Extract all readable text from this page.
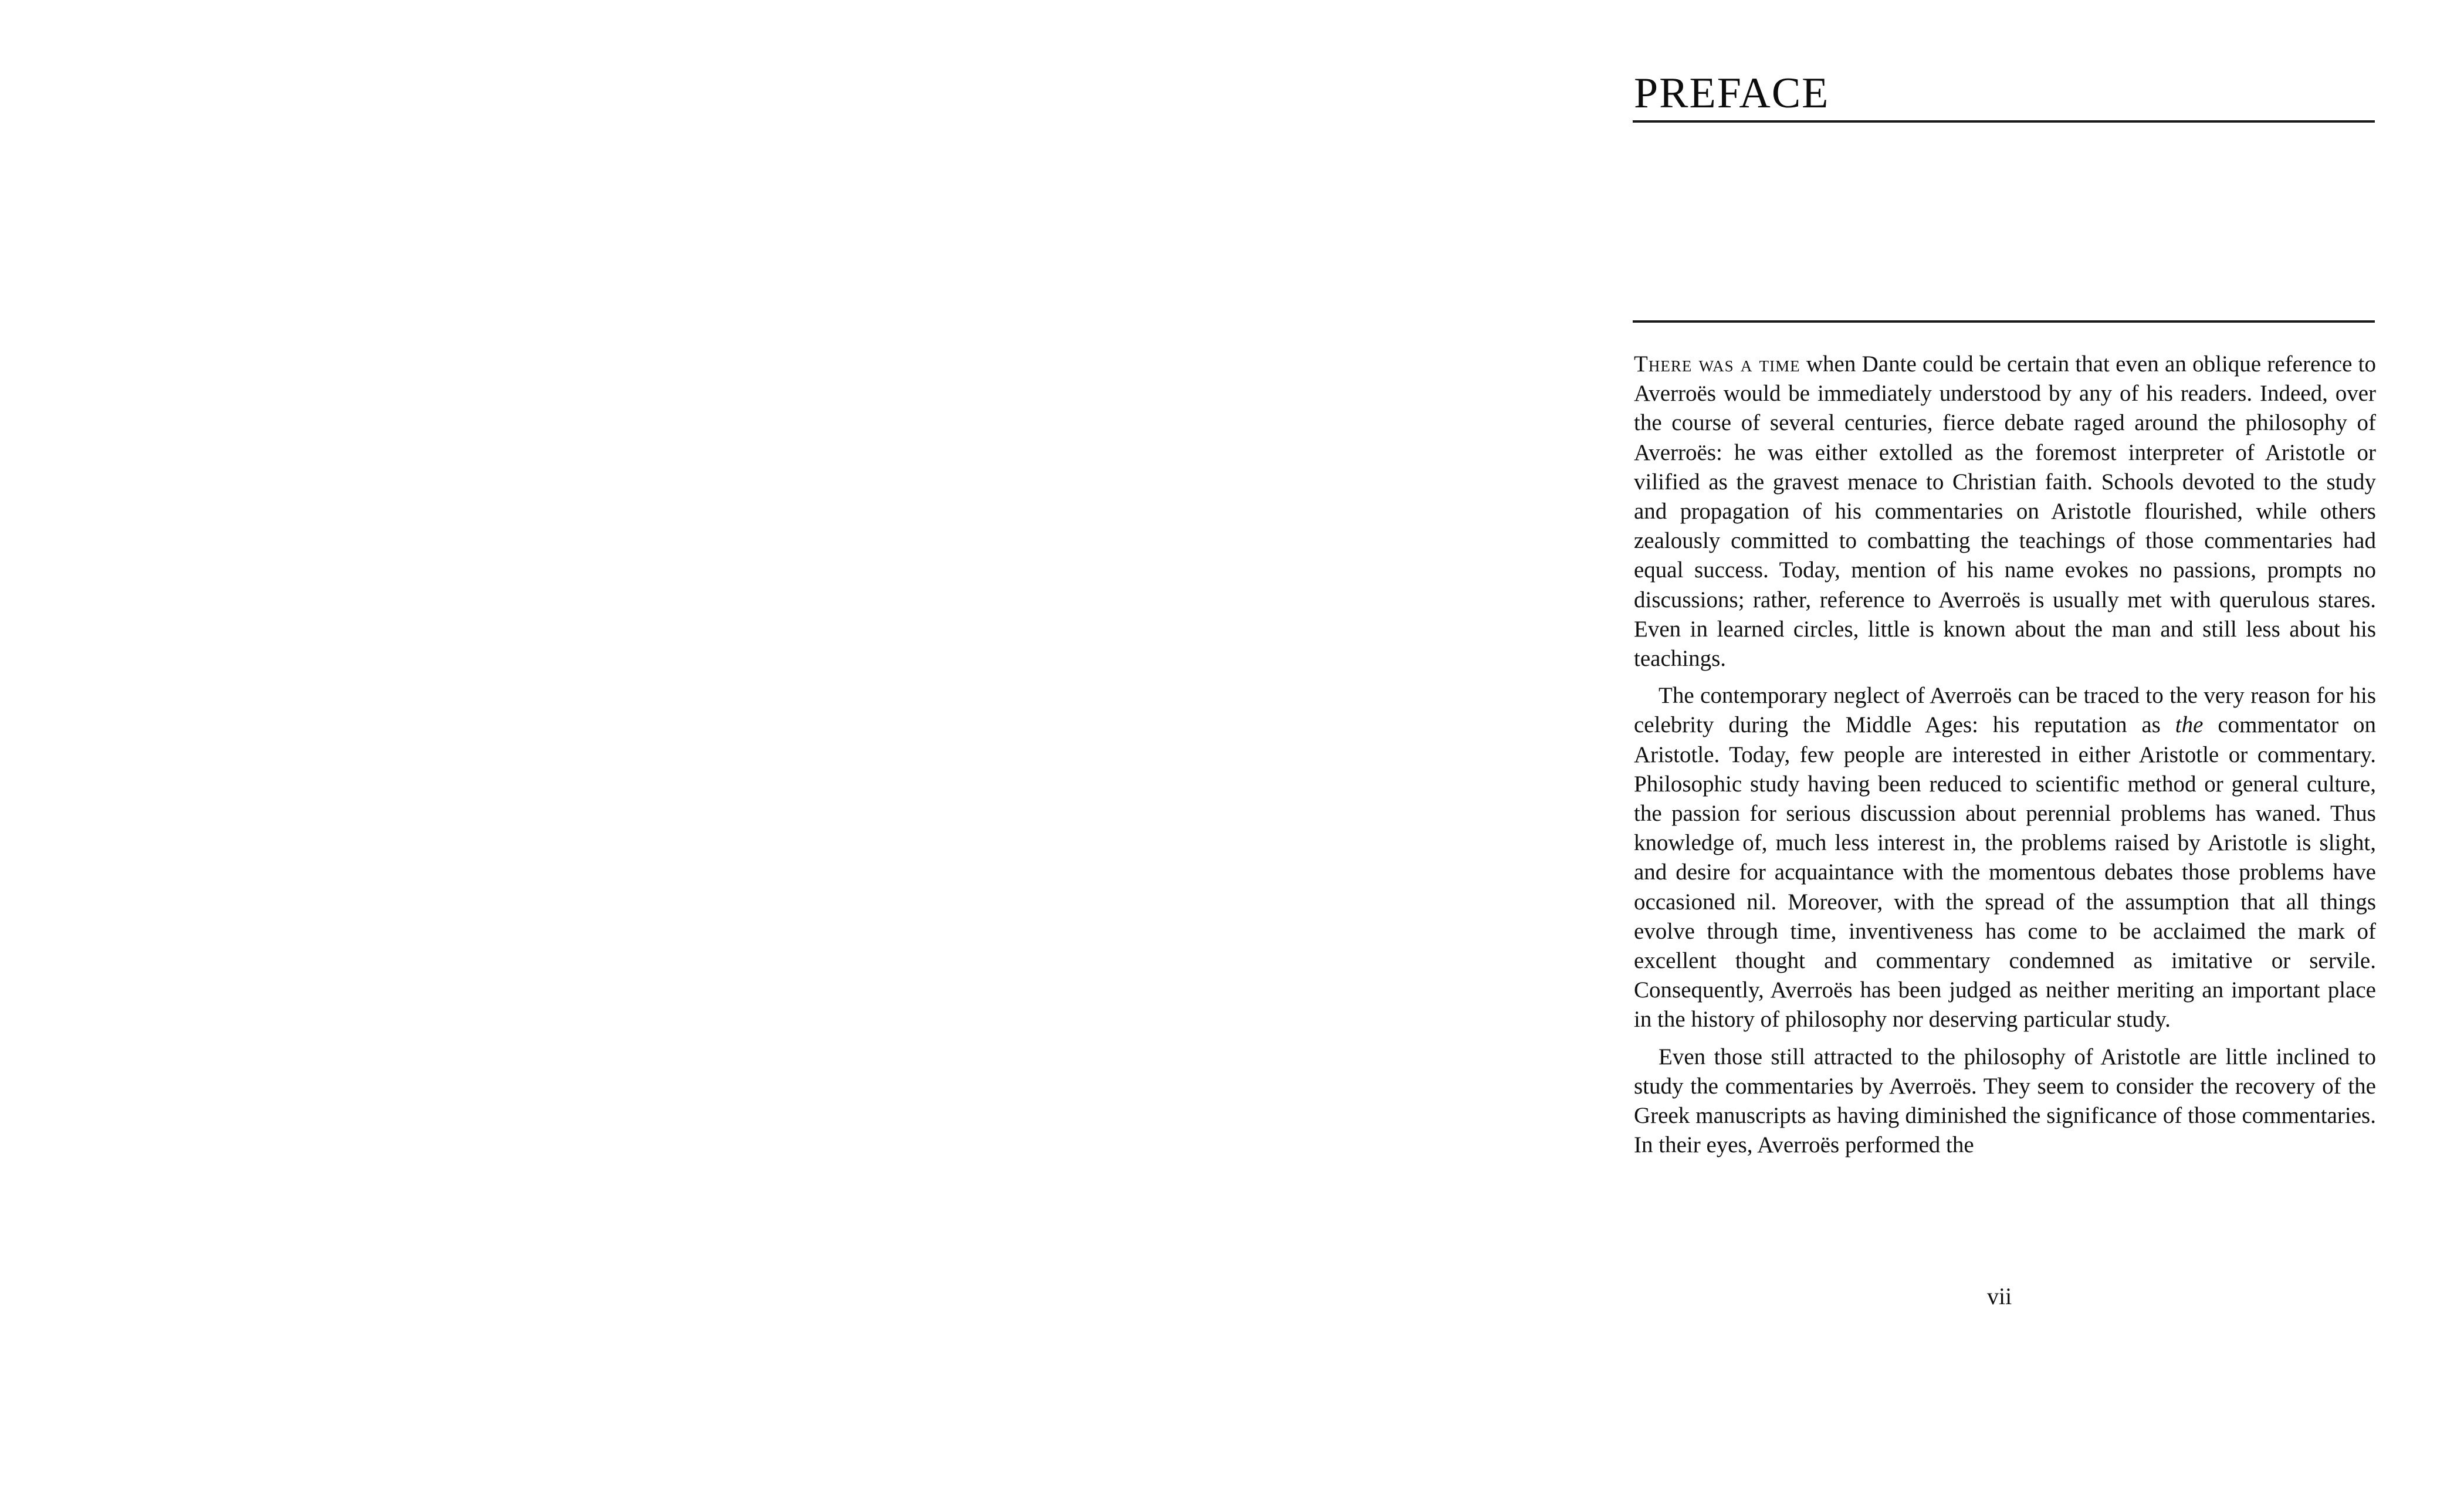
PREFACE

There was a time when Dante could be certain that even an oblique reference to Averroës would be immediately understood by any of his readers. Indeed, over the course of several centuries, fierce debate raged around the philosophy of Averroës: he was either extolled as the foremost interpreter of Aristotle or vilified as the gravest menace to Christian faith. Schools devoted to the study and propagation of his commentaries on Aristotle flourished, while others zealously committed to combatting the teachings of those commentaries had equal success. Today, mention of his name evokes no passions, prompts no discussions; rather, reference to Averroës is usually met with querulous stares. Even in learned circles, little is known about the man and still less about his teachings.

The contemporary neglect of Averroës can be traced to the very reason for his celebrity during the Middle Ages: his reputation as the commentator on Aristotle. Today, few people are interested in either Aristotle or commentary. Philosophic study having been reduced to scientific method or general culture, the passion for serious discussion about perennial problems has waned. Thus knowledge of, much less interest in, the problems raised by Aristotle is slight, and desire for acquaintance with the momentous debates those problems have occasioned nil. Moreover, with the spread of the assumption that all things evolve through time, inventiveness has come to be acclaimed the mark of excellent thought and commentary condemned as imitative or servile. Consequently, Averroës has been judged as neither meriting an important place in the history of philosophy nor deserving particular study.

Even those still attracted to the philosophy of Aristotle are little inclined to study the commentaries by Averroës. They seem to consider the recovery of the Greek manuscripts as having diminished the significance of those commentaries. In their eyes, Averroës performed the

vii
